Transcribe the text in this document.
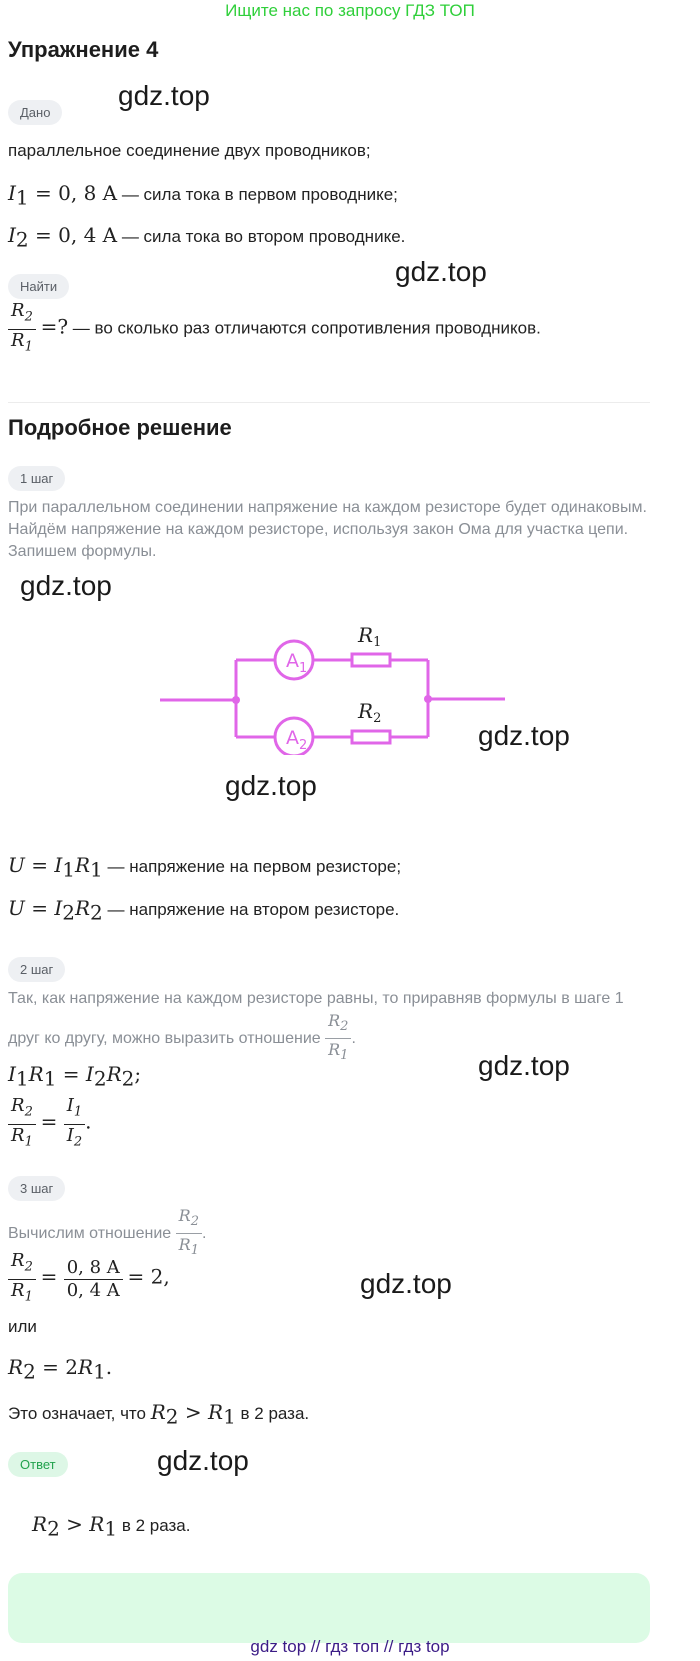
Ищите нас по запросу ГДЗ ТОП
Упражнение 4
Дано
gdz.top
параллельное соединение двух проводников;
$I_1 = 0$, 8 A — сила тока в первом проводнике;
$I_2 = 0$, 4 A — сила тока во втором проводнике.
Найти	gdz.top
$\frac{R_2}{R_1}$ =? — во сколько раз отличаются сопротивления проводников.
Подробное решение
1 шаг
При параллельном соединении напряжение на каждом резисторе будет одинаковым. Найдём напряжение на каждом резисторе, используя закон Ома для участка цепи. Запишем формулы.
gdz.top
$A_1$
$A_2$
$R_1$
$R_2$
gdz.top
gdz.top
$U = I_1R_1$ — напряжение на первом резисторе;
$U = I_2R_2$ — напряжение на втором резисторе.
2 шаг
Так, как напряжение на каждом резисторе равны, то приравняв формулы в шаге 1 друг ко другу, можно выразить отношение $\frac{R_2}{R_1}$ .
$I_1R_1 = I_2R_2$;	gdz.top
$\frac{R_2}{R_1} = \frac{I_1}{I_2}$ .
3 шаг
Вычислим отношение $\frac{R_2}{R_1}$ .
$\frac{R_2}{R_1} = \frac{0, 8 A}{0, 4 A} = 2$,	gdz.top
или
$R_2 = 2R_1$.
Это означает, что $R_2 > R_1$ в 2 раза.
Ответ	gdz.top
$R_2 > R_1$ в 2 раза.
gdz top // гдз топ // гдз top
